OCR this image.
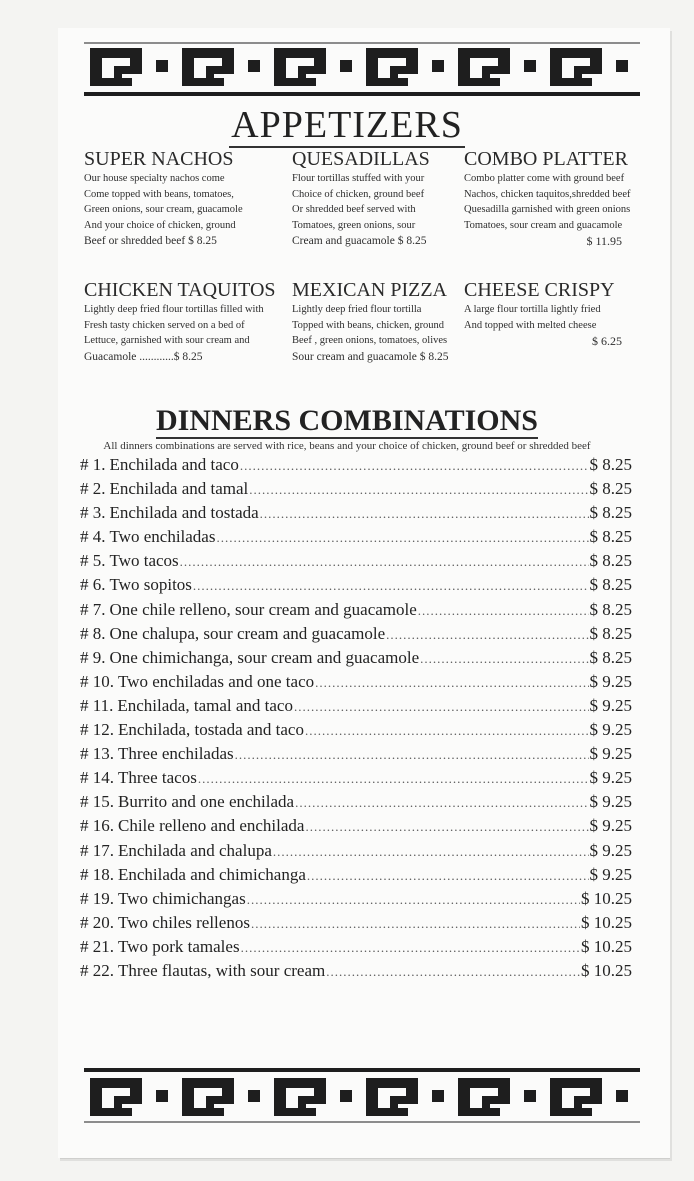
APPETIZERS
SUPER NACHOS
Our house specialty nachos come
Come topped with beans, tomatoes,
Green onions, sour cream, guacamole
And your choice of chicken, ground
Beef or shredded beef $ 8.25
QUESADILLAS
Flour tortillas stuffed with your
Choice of chicken, ground beef
Or shredded beef served with
Tomatoes, green onions, sour
Cream and guacamole $ 8.25
COMBO PLATTER
Combo platter come with ground beef
Nachos, chicken taquitos,shredded beef
Quesadilla garnished with green onions
Tomatoes, sour cream and guacamole
$ 11.95
CHICKEN TAQUITOS
Lightly deep fried flour tortillas filled with
Fresh tasty chicken served on a bed of
Lettuce, garnished with sour cream and
Guacamole ............$ 8.25
MEXICAN PIZZA
Lightly deep fried flour tortilla
Topped with beans, chicken, ground
Beef , green onions, tomatoes, olives
Sour cream and guacamole $ 8.25
CHEESE CRISPY
A large flour tortilla lightly fried
And topped with melted cheese
$ 6.25
DINNERS COMBINATIONS
All dinners combinations are served with rice, beans and your choice of chicken, ground beef or shredded beef
# 1. Enchilada and taco .....	$ 8.25
# 2. Enchilada and tamal .....	$ 8.25
# 3. Enchilada and tostada .....	$ 8.25
# 4. Two enchiladas .....	$ 8.25
# 5. Two tacos .....	$ 8.25
# 6. Two sopitos .....	$ 8.25
# 7. One chile relleno, sour cream and guacamole .....	$ 8.25
# 8. One chalupa, sour cream and guacamole .....	$ 8.25
# 9. One chimichanga, sour cream and guacamole .....	$ 8.25
# 10. Two enchiladas and one taco .....	$ 9.25
# 11. Enchilada, tamal and taco .....	$ 9.25
# 12. Enchilada, tostada and taco .....	$ 9.25
# 13. Three enchiladas .....	$ 9.25
# 14. Three tacos .....	$ 9.25
# 15. Burrito and one enchilada .....	$ 9.25
# 16. Chile relleno and enchilada .....	$ 9.25
# 17. Enchilada and chalupa .....	$ 9.25
# 18. Enchilada and chimichanga .....	$ 9.25
# 19. Two chimichangas .....	$ 10.25
# 20. Two chiles rellenos .....	$ 10.25
# 21. Two pork tamales .....	$ 10.25
# 22. Three flautas, with sour cream .....	$ 10.25
